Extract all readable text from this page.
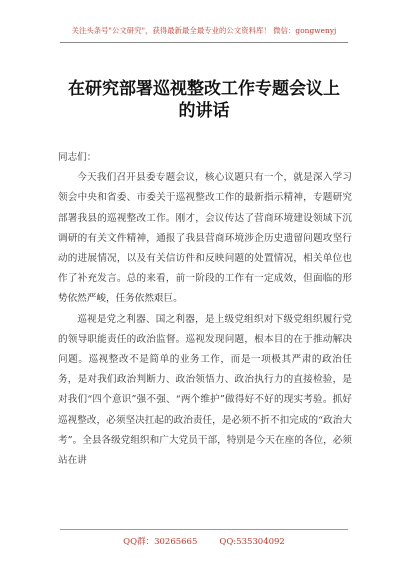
关注头条号"公文研究"，获得最新最全最专业的公文资料库！ 微信：gongwenyj
在研究部署巡视整改工作专题会议上
的讲话

同志们：

今天我们召开县委专题会议，核心议题只有一个，就是深入学习领会中央和省委、市委关于巡视整改工作的最新指示精神，专题研究部署我县的巡视整改工作。刚才，会议传达了营商环境建设领域下沉调研的有关文件精神，通报了我县营商环境涉企历史遗留问题攻坚行动的进展情况，以及有关信访件和反映问题的处置情况，相关单位也作了补充发言。总的来看，前一阶段的工作有一定成效，但面临的形势依然严峻，任务依然艰巨。

巡视是党之利器、国之利器，是上级党组织对下级党组织履行党的领导职能责任的政治监督。巡视发现问题，根本目的在于推动解决问题。巡视整改不是简单的业务工作，而是一项极其严肃的政治任务，是对我们政治判断力、政治领悟力、政治执行力的直接检验，是对我们“四个意识”强不强、“两个维护”做得好不好的现实考验。抓好巡视整改，必须坚决扛起的政治责任，是必须不折不扣完成的“政治大考”。全县各级党组织和广大党员干部，特别是今天在座的各位，必须站在讲

QQ群：30265665	QQ:535304092
